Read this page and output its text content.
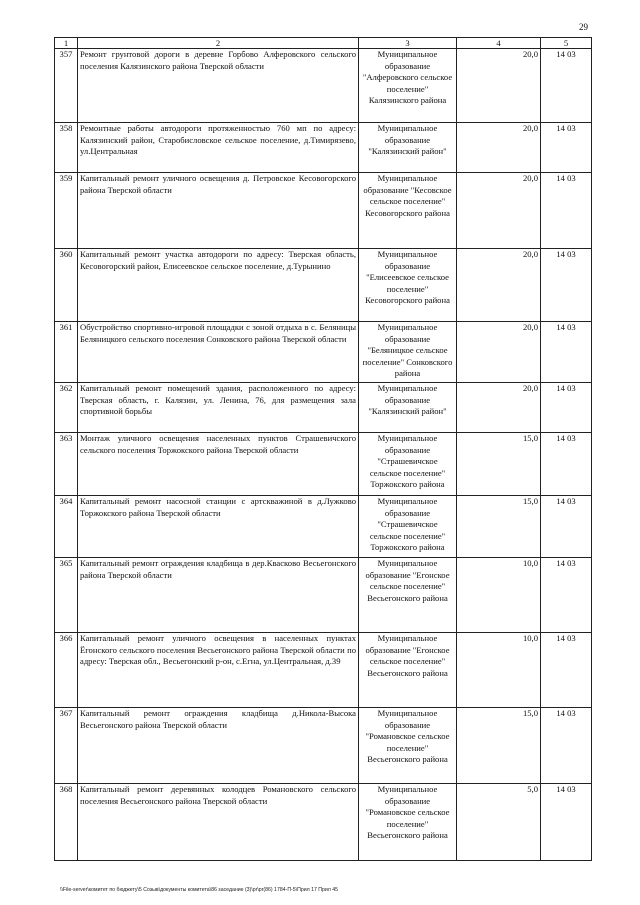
29
1	2	3	4	5
357	Ремонт грунтовой дороги в деревне Горбово Алферовского сельского поселения Калязинского района Тверской области	Муниципальное образование "Алферовского сельское поселение" Калязинского района	20,0	14 03
358	Ремонтные работы автодороги протяженностью 760 мп по адресу: Калязинский район, Старобисловское сельское поселение, д.Тимирязево, ул.Центральная	Муниципальное образование "Калязинский район"	20,0	14 03
359	Капитальный ремонт уличного освещения д. Петровское Кесовогорского района Тверской области	Муниципальное образование "Кесовское сельское поселение" Кесовогорского района	20,0	14 03
360	Капитальный ремонт участка автодороги по адресу: Тверская область, Кесовогорский район, Елисеевское сельское поселение, д.Турынино	Муниципальное образование "Елисеевское сельское поселение" Кесовогорского района	20,0	14 03
361	Обустройство спортивно-игровой площадки с зоной отдыха в с. Беляницы Беляницкого сельского поселения Сонковского района Тверской области	Муниципальное образование "Беляницкое сельское поселение" Сонковского района	20,0	14 03
362	Капитальный ремонт помещений здания, расположенного по адресу: Тверская область, г. Калязин, ул. Ленина, 76, для размещения зала спортивной борьбы	Муниципальное образование "Калязинский район"	20,0	14 03
363	Монтаж уличного освещения населенных пунктов Страшевичского сельского поселения Торжокского района Тверской области	Муниципальное образование "Страшевичское сельское поселение" Торжокского района	15,0	14 03
364	Капитальный ремонт насосной станции с артскважиной в д.Лужково Торжокского района Тверской области	Муниципальное образование "Страшевичское сельское поселение" Торжокского района	15,0	14 03
365	Капитальный ремонт ограждения кладбища в дер.Квасково Весьегонского района Тверской области	Муниципальное образование "Егонское сельское поселение" Весьегонского района	10,0	14 03
366	Капитальный ремонт уличного освещения в населенных пунктах Ёгонского сельского поселения Весьегонского района Тверской области по адресу: Тверская обл., Весьегонский р-он, с.Егна, ул.Центральная, д.39	Муниципальное образование "Егонское сельское поселение" Весьегонского района	10,0	14 03
367	Капитальный ремонт ограждения кладбища д.Никола-Высока Весьегонского района Тверской области	Муниципальное образование "Романовское сельское поселение" Весьегонского района	15,0	14 03
368	Капитальный ремонт деревянных колодцев Романовского сельского поселения Весьегонского района Тверской области	Муниципальное образование "Романовское сельское поселение" Весьегонского района	5,0	14 03
\\File-server\комитет по бюджету\5 Созыв\документы комитета\86 заседание (3)\pr\pr(86) 1784-П-5\Прил 17 Прил 45
